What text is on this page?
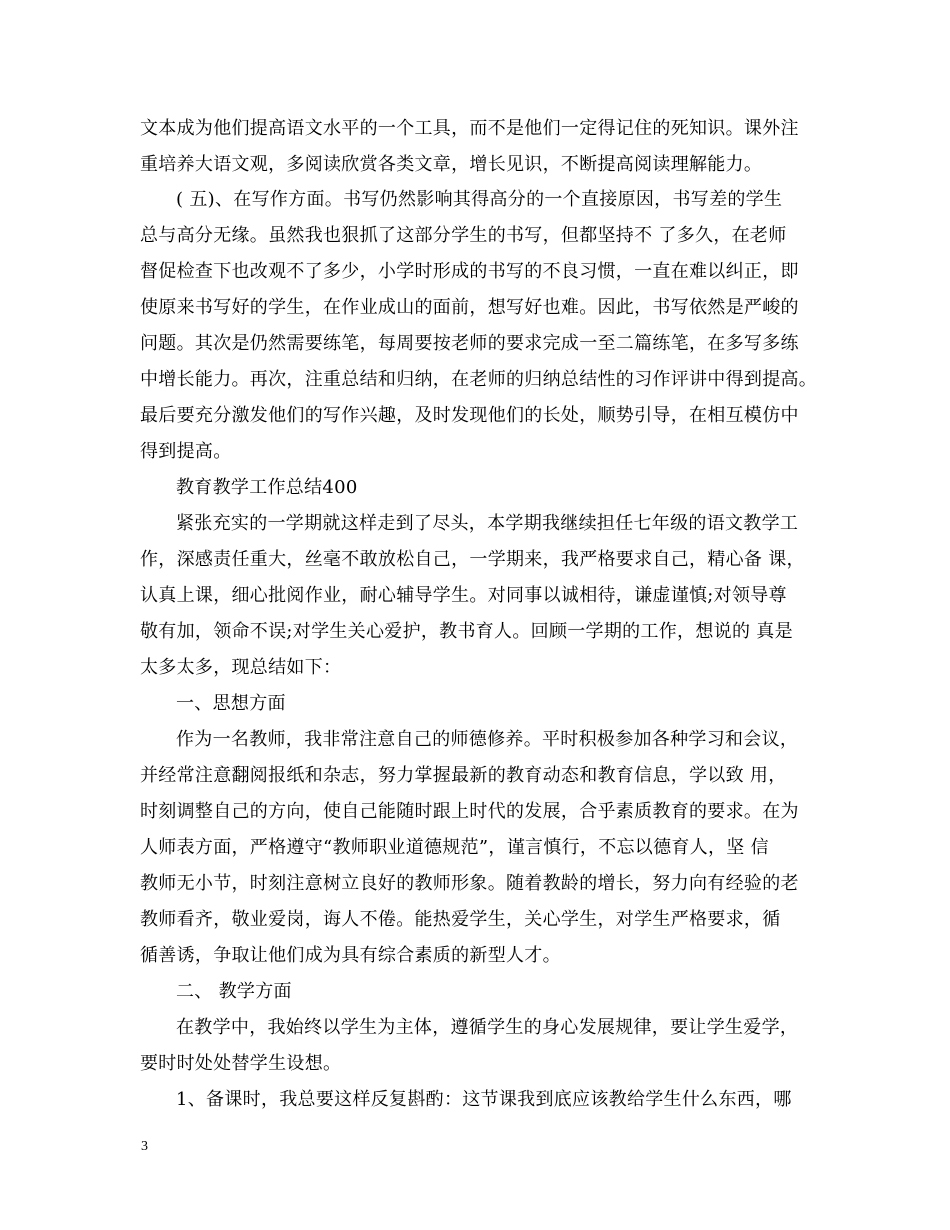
文本成为他们提高语文水平的一个工具，而不是他们一定得记住的死知识。课外注
重培养大语文观，多阅读欣赏各类文章，增长见识，不断提高阅读理解能力。
( 五)、在写作方面。书写仍然影响其得高分的一个直接原因，书写差的学生
总与高分无缘。虽然我也狠抓了这部分学生的书写，但都坚持不 了多久，在老师
督促检查下也改观不了多少，小学时形成的书写的不良习惯，一直在难以纠正，即
使原来书写好的学生，在作业成山的面前，想写好也难。因此，书写依然是严峻的
问题。其次是仍然需要练笔，每周要按老师的要求完成一至二篇练笔，在多写多练
中增长能力。再次，注重总结和归纳，在老师的归纳总结性的习作评讲中得到提高。
最后要充分激发他们的写作兴趣，及时发现他们的长处，顺势引导，在相互模仿中
得到提高。
教育教学工作总结400
紧张充实的一学期就这样走到了尽头，本学期我继续担任七年级的语文教学工
作，深感责任重大，丝毫不敢放松自己，一学期来，我严格要求自己，精心备 课，
认真上课，细心批阅作业，耐心辅导学生。对同事以诚相待，谦虚谨慎;对领导尊
敬有加，领命不误;对学生关心爱护，教书育人。回顾一学期的工作，想说的 真是
太多太多，现总结如下：
一、思想方面
作为一名教师，我非常注意自己的师德修养。平时积极参加各种学习和会议，
并经常注意翻阅报纸和杂志，努力掌握最新的教育动态和教育信息，学以致 用，
时刻调整自己的方向，使自己能随时跟上时代的发展，合乎素质教育的要求。在为
人师表方面，严格遵守“教师职业道德规范”，谨言慎行，不忘以德育人，坚 信
教师无小节，时刻注意树立良好的教师形象。随着教龄的增长，努力向有经验的老
教师看齐，敬业爱岗，诲人不倦。能热爱学生，关心学生，对学生严格要求，循
循善诱，争取让他们成为具有综合素质的新型人才。
二、 教学方面
在教学中，我始终以学生为主体，遵循学生的身心发展规律，要让学生爱学，
要时时处处替学生设想。
1、备课时，我总要这样反复斟酌：这节课我到底应该教给学生什么东西，哪
3
